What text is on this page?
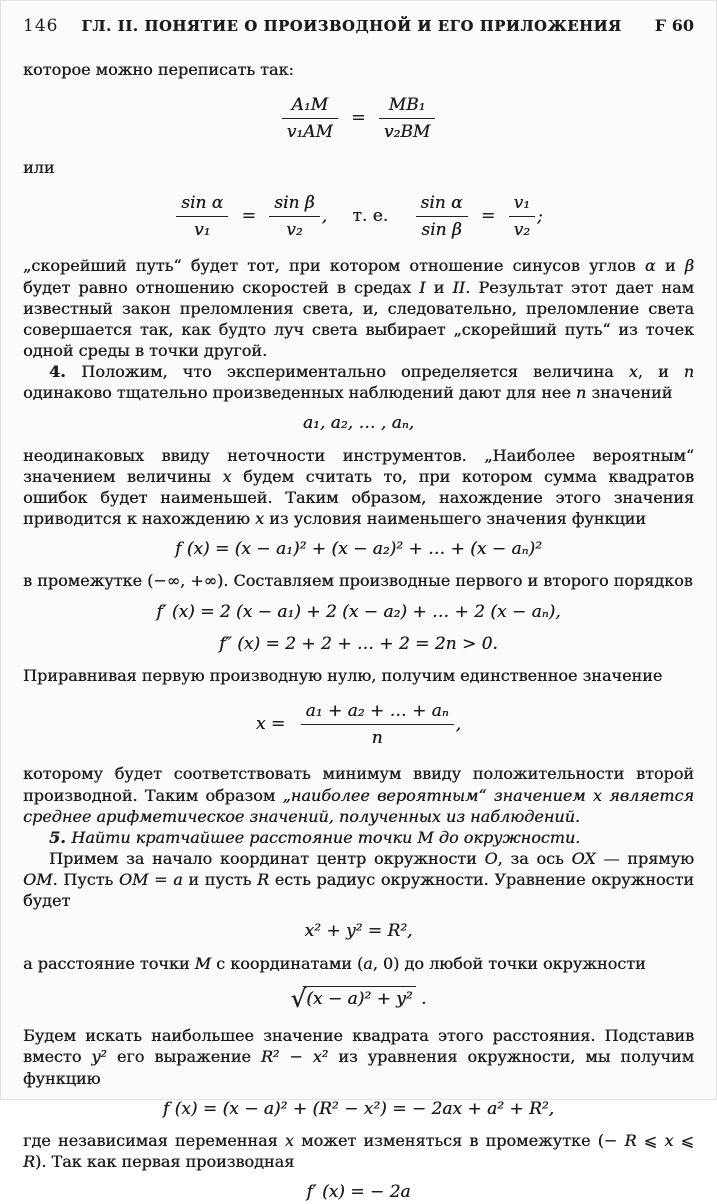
146	ГЛ. II. ПОНЯТИЕ О ПРОИЗВОДНОЙ И ЕГО ПРИЛОЖЕНИЯ	Ϝ 60

которое можно переписать так:

$\frac{\text{A₁M}}{\text{v₁AM}} = \frac{\text{MB₁}}{\text{v₂BM}}$

или

$\frac{\text{sin α}}{\text{v₁}} = \frac{\text{sin β}}{\text{v₂}}$ , т. е. $\frac{\text{sin α}}{\text{sin β}} = \frac{\text{v₁}}{\text{v₂}}$ ;

„скорейший путь“ будет тот, при котором отношение синусов углов α и β будет равно отношению скоростей в средах I и II. Результат этот дает нам известный закон преломления света, и, следовательно, преломление света совершается так, как будто луч света выбирает „скорейший путь“ из точек одной среды в точки другой.

4. Положим, что экспериментально определяется величина x, и n одинаково тщательно произведенных наблюдений дают для нее n значений

a₁, a₂, … , aₙ,

неодинаковых ввиду неточности инструментов. „Наиболее вероятным“ значением величины x будем считать то, при котором сумма квадратов ошибок будет наименьшей. Таким образом, нахождение этого значения приводится к нахождению x из условия наименьшего значения функции

f (x) = (x − a₁)² + (x − a₂)² + … + (x − aₙ)²

в промежутке (−∞, +∞). Составляем производные первого и второго порядков

f′ (x) = 2 (x − a₁) + 2 (x − a₂) + … + 2 (x − aₙ),
f″ (x) = 2 + 2 + … + 2 = 2n > 0.

Приравнивая первую производную нулю, получим единственное значение

$x = \frac{\text{a₁ + a₂ + … + aₙ}}{n}$ ,

которому будет соответствовать минимум ввиду положительности второй производной. Таким образом „наиболее вероятным“ значением x является среднее арифметическое значений, полученных из наблюдений.

5. Найти кратчайшее расстояние точки M до окружности.

Примем за начало координат центр окружности O, за ось OX — прямую OM. Пусть OM = a и пусть R есть радиус окружности. Уравнение окружности будет

x² + y² = R²,

а расстояние точки M с координатами (a, 0) до любой точки окружности

√(x − a)² + y² .

Будем искать наибольшее значение квадрата этого расстояния. Подставив вместо y² его выражение R² − x² из уравнения окружности, мы получим функцию

f (x) = (x − a)² + (R² − x²) = − 2ax + a² + R²,

где независимая переменная x может изменяться в промежутке (− R ⩽ x ⩽ R). Так как первая производная

f′ (x) = − 2a
